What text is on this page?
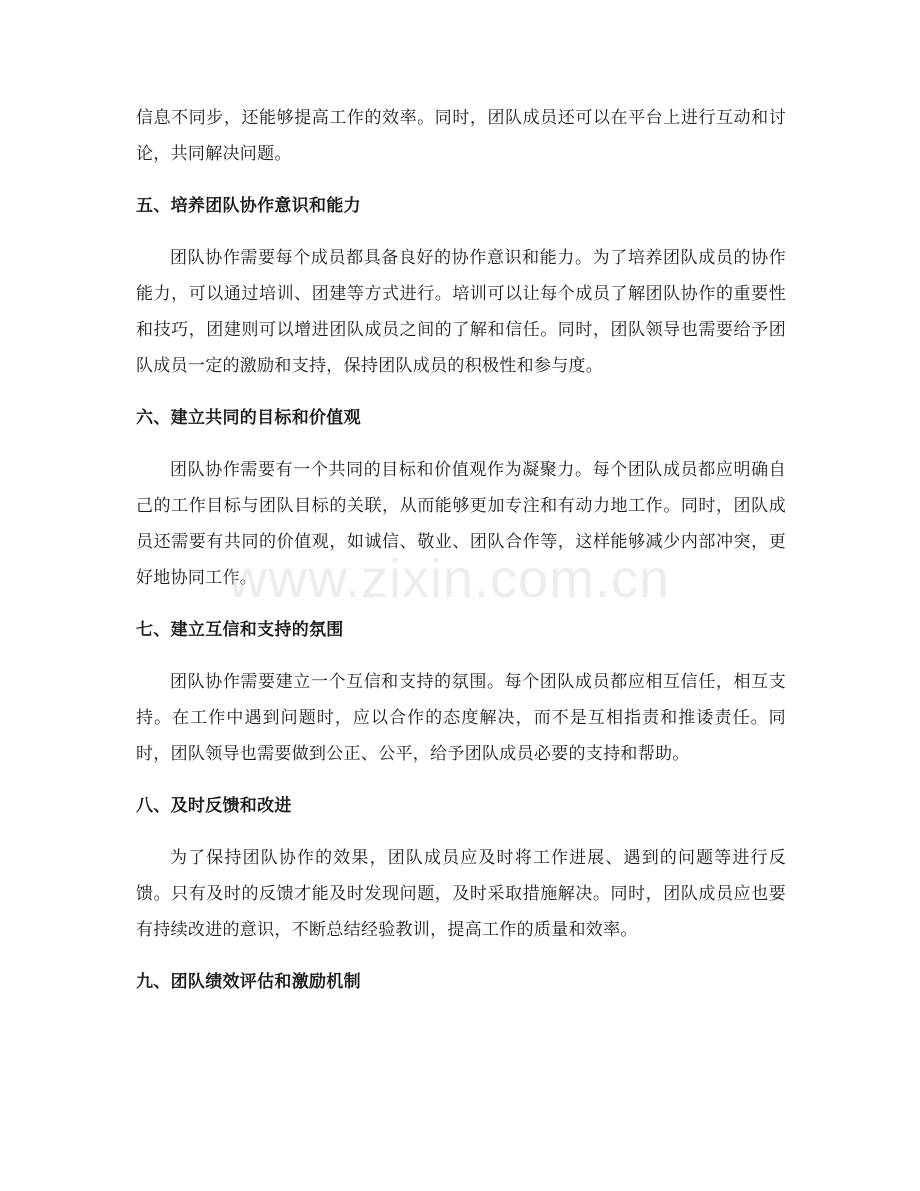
信息不同步，还能够提高工作的效率。同时，团队成员还可以在平台上进行互动和讨论，共同解决问题。

五、培养团队协作意识和能力

团队协作需要每个成员都具备良好的协作意识和能力。为了培养团队成员的协作能力，可以通过培训、团建等方式进行。培训可以让每个成员了解团队协作的重要性和技巧，团建则可以增进团队成员之间的了解和信任。同时，团队领导也需要给予团队成员一定的激励和支持，保持团队成员的积极性和参与度。

六、建立共同的目标和价值观

团队协作需要有一个共同的目标和价值观作为凝聚力。每个团队成员都应明确自己的工作目标与团队目标的关联，从而能够更加专注和有动力地工作。同时，团队成员还需要有共同的价值观，如诚信、敬业、团队合作等，这样能够减少内部冲突，更好地协同工作。

七、建立互信和支持的氛围

团队协作需要建立一个互信和支持的氛围。每个团队成员都应相互信任，相互支持。在工作中遇到问题时，应以合作的态度解决，而不是互相指责和推诿责任。同时，团队领导也需要做到公正、公平，给予团队成员必要的支持和帮助。

八、及时反馈和改进

为了保持团队协作的效果，团队成员应及时将工作进展、遇到的问题等进行反馈。只有及时的反馈才能及时发现问题，及时采取措施解决。同时，团队成员应也要有持续改进的意识，不断总结经验教训，提高工作的质量和效率。

九、团队绩效评估和激励机制
www.zixin.com.cn
